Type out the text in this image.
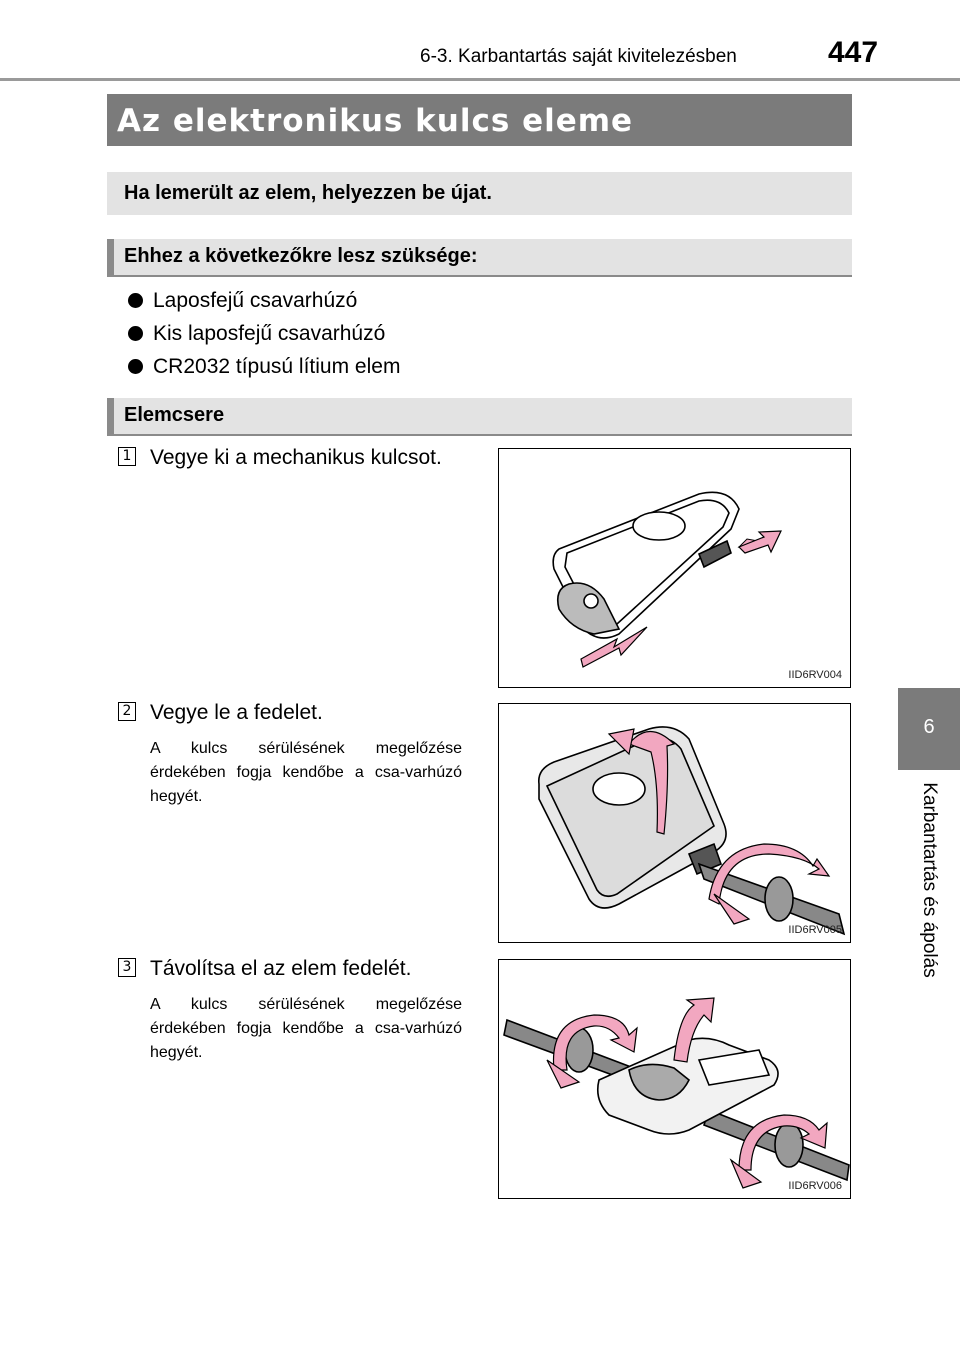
6-3. Karbantartás saját kivitelezésben	447
6
Karbantartás és ápolás
Az elektronikus kulcs eleme
Ha lemerült az elem, helyezzen be újat.
Ehhez a következőkre lesz szüksége:
Laposfejű csavarhúzó
Kis laposfejű csavarhúzó
CR2032 típusú lítium elem
Elemcsere
1 Vegye ki a mechanikus kulcsot.
IID6RV004
2 Vegye le a fedelet.
A kulcs sérülésének megelőzése érdekében fogja kendőbe a csa-varhúzó hegyét.
IID6RV005
3 Távolítsa el az elem fedelét.
A kulcs sérülésének megelőzése érdekében fogja kendőbe a csa-varhúzó hegyét.
IID6RV006
